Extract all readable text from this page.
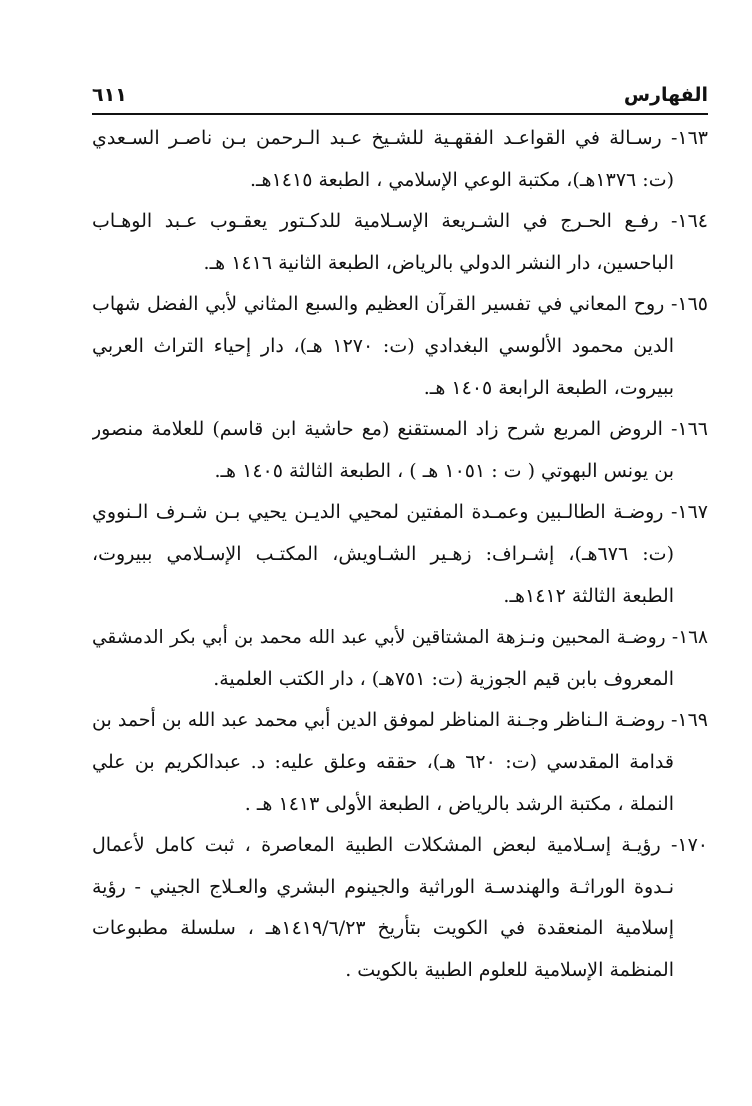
الفهارس
٦١١
١٦٣- رسـالة في القواعـد الفقهـية للشـيخ عـبد الـرحمن بـن ناصـر السـعدي
(ت: ١٣٧٦هـ)، مكتبة الوعي الإسلامي ، الطبعة ١٤١٥هـ.
١٦٤- رفـع الحـرج في الشـريعة الإسـلامية للدكـتور يعقـوب عـبد الوهـاب
الباحسين، دار النشر الدولي بالرياض، الطبعة الثانية ١٤١٦ هـ.
١٦٥- روح المعاني في تفسير القرآن العظيم والسبع المثاني لأبي الفضل شهاب
الدين محمود الألوسي البغدادي (ت: ١٢٧٠ هـ)، دار إحياء التراث العربي
ببيروت، الطبعة الرابعة ١٤٠٥ هـ.
١٦٦- الروض المربع شرح زاد المستقنع (مع حاشية ابن قاسم) للعلامة منصور
بن يونس البهوتي ( ت : ١٠٥١ هـ ) ، الطبعة الثالثة ١٤٠٥ هـ.
١٦٧- روضـة الطالـبين وعمـدة المفتين لمحيي الديـن يحيي بـن شـرف الـنووي
(ت: ٦٧٦هـ)، إشـراف: زهـير الشـاويش، المكتـب الإسـلامي ببيروت،
الطبعة الثالثة ١٤١٢هـ.
١٦٨- روضـة المحبين ونـزهة المشتاقين لأبي عبد الله محمد بن أبي بكر الدمشقي
المعروف بابن قيم الجوزية (ت: ٧٥١هـ) ، دار الكتب العلمية.
١٦٩- روضـة الـناظر وجـنة المناظر لموفق الدين أبي محمد عبد الله بن أحمد بن
قدامة المقدسي (ت: ٦٢٠ هـ)، حققه وعلق عليه: د. عبدالكريم بن علي
النملة ، مكتبة الرشد بالرياض ، الطبعة الأولى ١٤١٣ هـ .
١٧٠- رؤيـة إسـلامية لبعض المشكلات الطبية المعاصرة ، ثبت كامل لأعمال
نـدوة الوراثـة والهندسـة الوراثية والجينوم البشري والعـلاج الجيني - رؤية
إسلامية المنعقدة في الكويت بتأريخ ١٤١٩/٦/٢٣هـ ، سلسلة مطبوعات
المنظمة الإسلامية للعلوم الطبية بالكويت .
